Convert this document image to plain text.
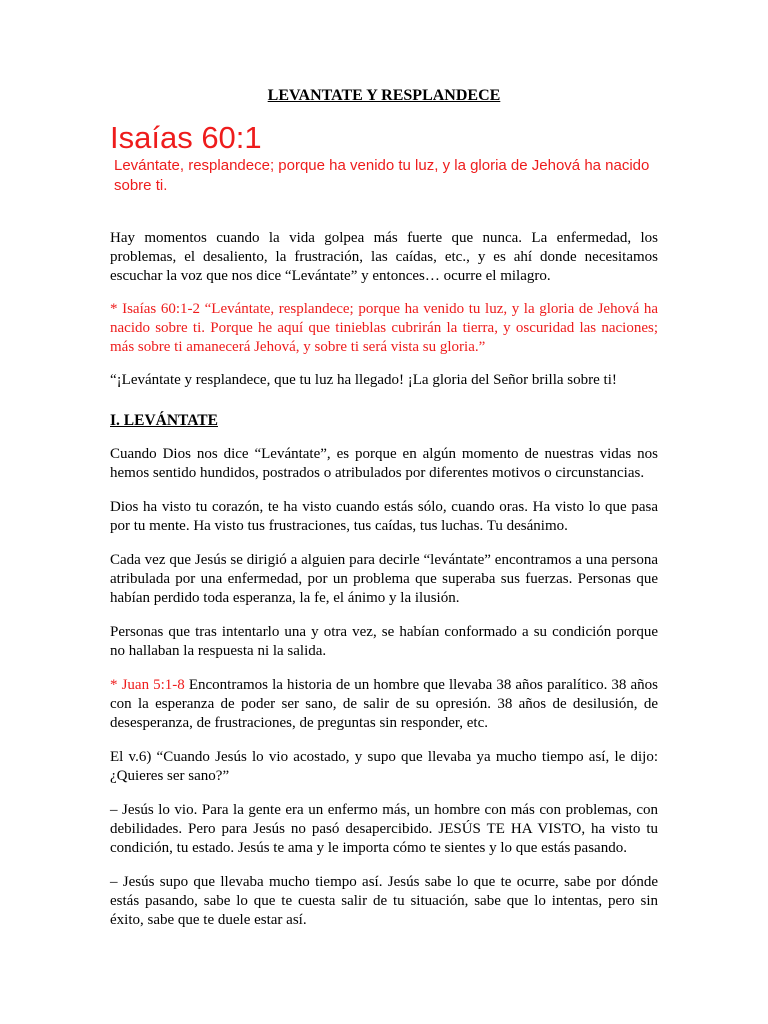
LEVANTATE Y RESPLANDECE
Isaías 60:1

Levántate, resplandece; porque ha venido tu luz, y la gloria de Jehová ha nacido sobre ti.

Hay momentos cuando la vida golpea más fuerte que nunca. La enfermedad, los problemas, el desaliento, la frustración, las caídas, etc., y es ahí donde necesitamos escuchar la voz que nos dice “Levántate” y entonces… ocurre el milagro.

* Isaías 60:1-2 “Levántate, resplandece; porque ha venido tu luz, y la gloria de Jehová ha nacido sobre ti. Porque he aquí que tinieblas cubrirán la tierra, y oscuridad las naciones; más sobre ti amanecerá Jehová, y sobre ti será vista su gloria.”

“¡Levántate y resplandece, que tu luz ha llegado! ¡La gloria del Señor brilla sobre ti!

I. LEVÁNTATE

Cuando Dios nos dice “Levántate”, es porque en algún momento de nuestras vidas nos hemos sentido hundidos, postrados o atribulados por diferentes motivos o circunstancias.

Dios ha visto tu corazón, te ha visto cuando estás sólo, cuando oras. Ha visto lo que pasa por tu mente. Ha visto tus frustraciones, tus caídas, tus luchas. Tu desánimo.

Cada vez que Jesús se dirigió a alguien para decirle “levántate” encontramos a una persona atribulada por una enfermedad, por un problema que superaba sus fuerzas. Personas que habían perdido toda esperanza, la fe, el ánimo y la ilusión.

Personas que tras intentarlo una y otra vez, se habían conformado a su condición porque no hallaban la respuesta ni la salida.

* Juan 5:1-8 Encontramos la historia de un hombre que llevaba 38 años paralítico. 38 años con la esperanza de poder ser sano, de salir de su opresión. 38 años de desilusión, de desesperanza, de frustraciones, de preguntas sin responder, etc.

El v.6) “Cuando Jesús lo vio acostado, y supo que llevaba ya mucho tiempo así, le dijo: ¿Quieres ser sano?”

– Jesús lo vio. Para la gente era un enfermo más, un hombre con más con problemas, con debilidades. Pero para Jesús no pasó desapercibido. JESÚS TE HA VISTO, ha visto tu condición, tu estado. Jesús te ama y le importa cómo te sientes y lo que estás pasando.

– Jesús supo que llevaba mucho tiempo así. Jesús sabe lo que te ocurre, sabe por dónde estás pasando, sabe lo que te cuesta salir de tu situación, sabe que lo intentas, pero sin éxito, sabe que te duele estar así.
